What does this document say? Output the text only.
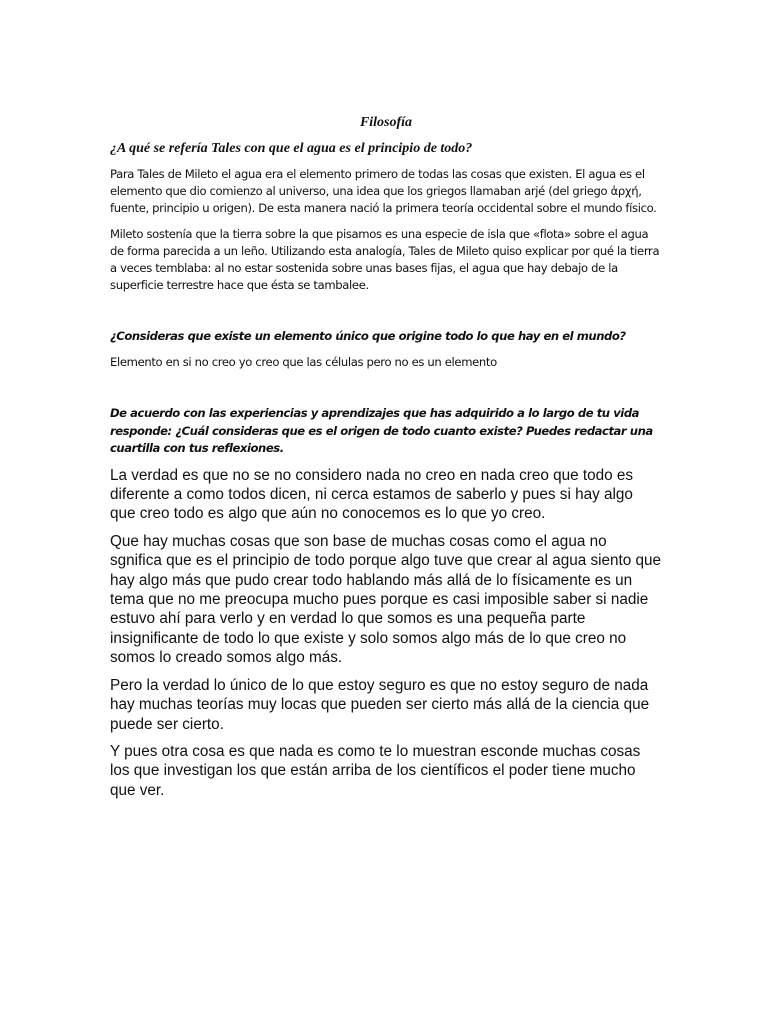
Filosofía

¿A qué se refería Tales con que el agua es el principio de todo?

Para Tales de Mileto el agua era el elemento primero de todas las cosas que existen. El agua es el elemento que dio comienzo al universo, una idea que los griegos llamaban arjé (del griego ἀρχή, fuente, principio u origen). De esta manera nació la primera teoría occidental sobre el mundo físico.

Mileto sostenía que la tierra sobre la que pisamos es una especie de isla que «flota» sobre el agua de forma parecida a un leño. Utilizando esta analogía, Tales de Mileto quiso explicar por qué la tierra a veces temblaba: al no estar sostenida sobre unas bases fijas, el agua que hay debajo de la superficie terrestre hace que ésta se tambalee.

¿Consideras que existe un elemento único que origine todo lo que hay en el mundo?

Elemento en si no creo yo creo que las células pero no es un elemento

De acuerdo con las experiencias y aprendizajes que has adquirido a lo largo de tu vida responde: ¿Cuál consideras que es el origen de todo cuanto existe? Puedes redactar una cuartilla con tus reflexiones.

La verdad es que no se no considero nada no creo en nada creo que todo es diferente a como todos dicen, ni cerca estamos de saberlo y pues si hay algo que creo todo es algo que aún no conocemos es lo que yo creo.

Que hay muchas cosas que son base de muchas cosas como el agua no sgnifica que es el principio de todo porque algo tuve que crear al agua siento que hay algo más que pudo crear todo hablando más allá de lo físicamente es un tema que no me preocupa mucho pues porque es casi imposible saber si nadie estuvo ahí para verlo y en verdad lo que somos es una pequeña parte insignificante de todo lo que existe y solo somos algo más de lo que creo no somos lo creado somos algo más.

Pero la verdad lo único de lo que estoy seguro es que no estoy seguro de nada hay muchas teorías muy locas que pueden ser cierto más allá de la ciencia que puede ser cierto.

Y pues otra cosa es que nada es como te lo muestran esconde muchas cosas los que investigan los que están arriba de los científicos el poder tiene mucho que ver.
